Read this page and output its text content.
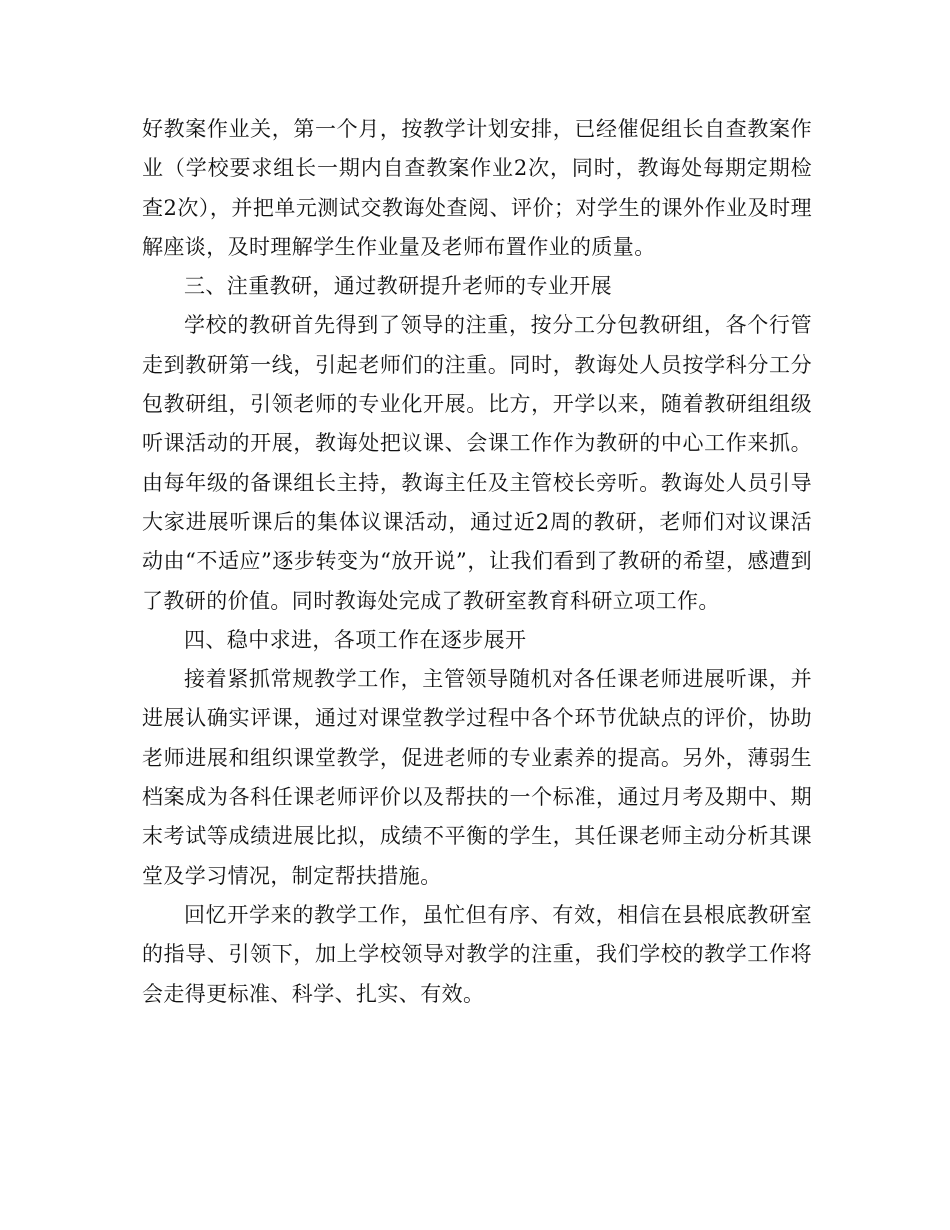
好教案作业关，第一个月，按教学计划安排，已经催促组长自查教案作业（学校要求组长一期内自查教案作业2次，同时，教诲处每期定期检查2次），并把单元测试交教诲处查阅、评价；对学生的课外作业及时理解座谈，及时理解学生作业量及老师布置作业的质量。

三、注重教研，通过教研提升老师的专业开展

学校的教研首先得到了领导的注重，按分工分包教研组，各个行管走到教研第一线，引起老师们的注重。同时，教诲处人员按学科分工分包教研组，引领老师的专业化开展。比方，开学以来，随着教研组组级听课活动的开展，教诲处把议课、会课工作作为教研的中心工作来抓。由每年级的备课组长主持，教诲主任及主管校长旁听。教诲处人员引导大家进展听课后的集体议课活动，通过近2周的教研，老师们对议课活动由“不适应”逐步转变为“放开说”，让我们看到了教研的希望，感遭到了教研的价值。同时教诲处完成了教研室教育科研立项工作。

四、稳中求进，各项工作在逐步展开

接着紧抓常规教学工作，主管领导随机对各任课老师进展听课，并进展认确实评课，通过对课堂教学过程中各个环节优缺点的评价，协助老师进展和组织课堂教学，促进老师的专业素养的提高。另外，薄弱生档案成为各科任课老师评价以及帮扶的一个标准，通过月考及期中、期末考试等成绩进展比拟，成绩不平衡的学生，其任课老师主动分析其课堂及学习情况，制定帮扶措施。

回忆开学来的教学工作，虽忙但有序、有效，相信在县根底教研室的指导、引领下，加上学校领导对教学的注重，我们学校的教学工作将会走得更标准、科学、扎实、有效。
